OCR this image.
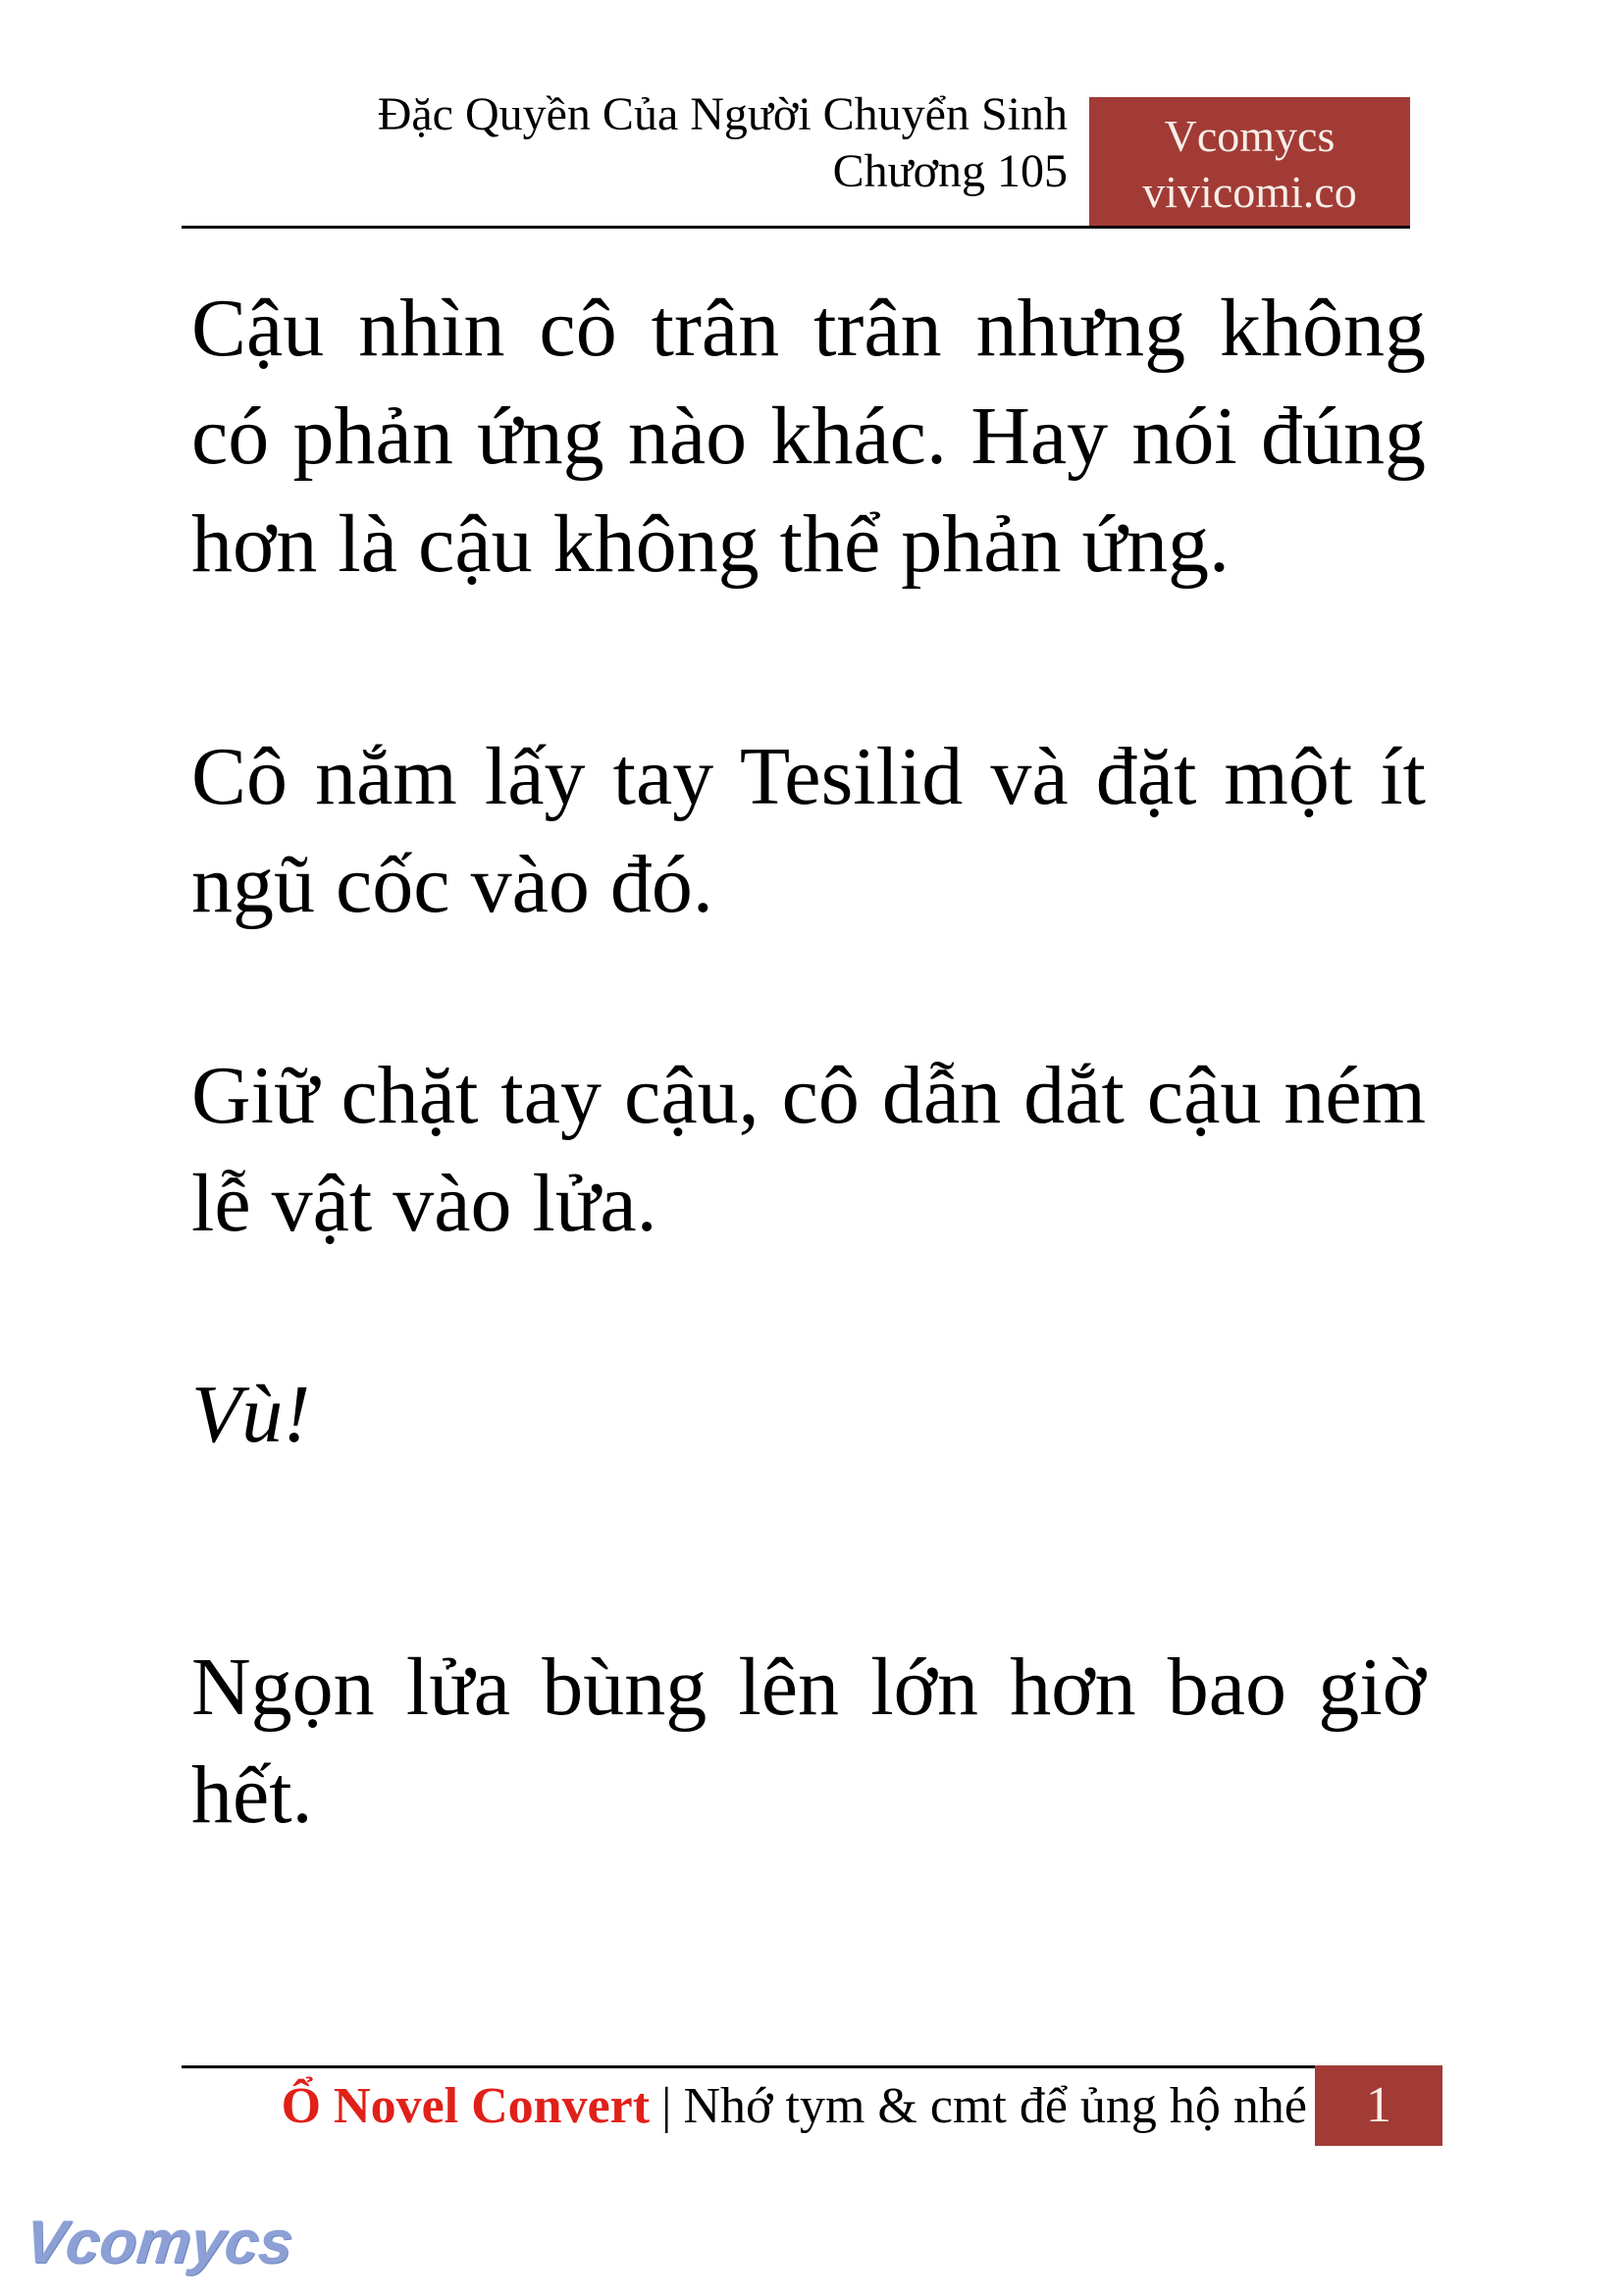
Đặc Quyền Của Người Chuyển Sinh
Chương 105
Vcomycs
vivicomi.co
Cậu nhìn cô trân trân nhưng không
có phản ứng nào khác. Hay nói đúng
hơn là cậu không thể phản ứng.
Cô nắm lấy tay Tesilid và đặt một ít
ngũ cốc vào đó.
Giữ chặt tay cậu, cô dẫn dắt cậu ném
lễ vật vào lửa.
Vù!
Ngọn lửa bùng lên lớn hơn bao giờ
hết.
Ổ Novel Convert | Nhớ tym & cmt để ủng hộ nhé	1
Vcomycs
